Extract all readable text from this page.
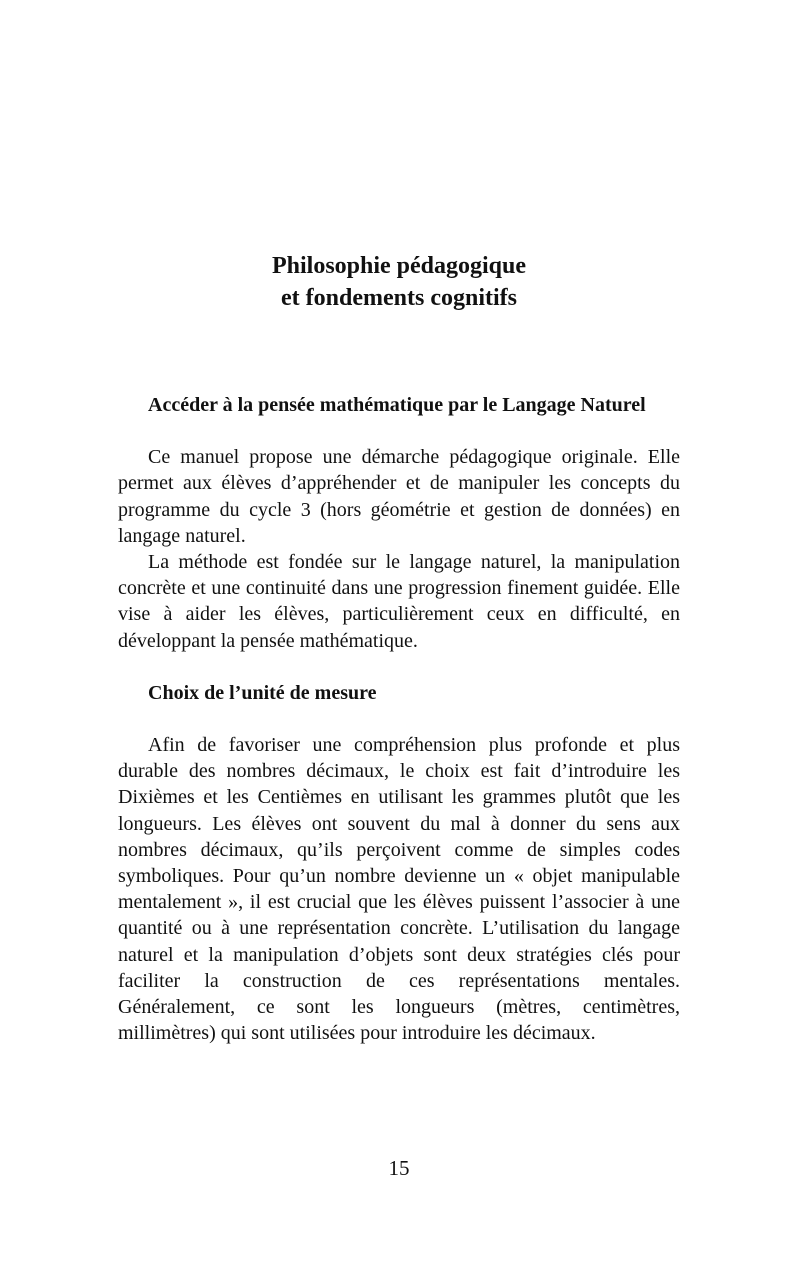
Philosophie pédagogique
et fondements cognitifs
Accéder à la pensée mathématique par le Langage Naturel

Ce manuel propose une démarche pédagogique originale. Elle permet aux élèves d’appréhender et de manipuler les concepts du programme du cycle 3 (hors géométrie et gestion de données) en langage naturel.

La méthode est fondée sur le langage naturel, la manipulation concrète et une continuité dans une progression finement guidée. Elle vise à aider les élèves, particulièrement ceux en difficulté, en développant la pensée mathématique.

Choix de l’unité de mesure

Afin de favoriser une compréhension plus profonde et plus durable des nombres décimaux, le choix est fait d’introduire les Dixièmes et les Centièmes en utilisant les grammes plutôt que les longueurs. Les élèves ont souvent du mal à donner du sens aux nombres décimaux, qu’ils perçoivent comme de simples codes symboliques. Pour qu’un nombre devienne un « objet manipulable mentalement », il est crucial que les élèves puissent l’associer à une quantité ou à une représentation concrète. L’utilisation du langage naturel et la manipulation d’objets sont deux stratégies clés pour faciliter la construction de ces représentations mentales. Généralement, ce sont les longueurs (mètres, centimètres, millimètres) qui sont utilisées pour introduire les décimaux.

15
